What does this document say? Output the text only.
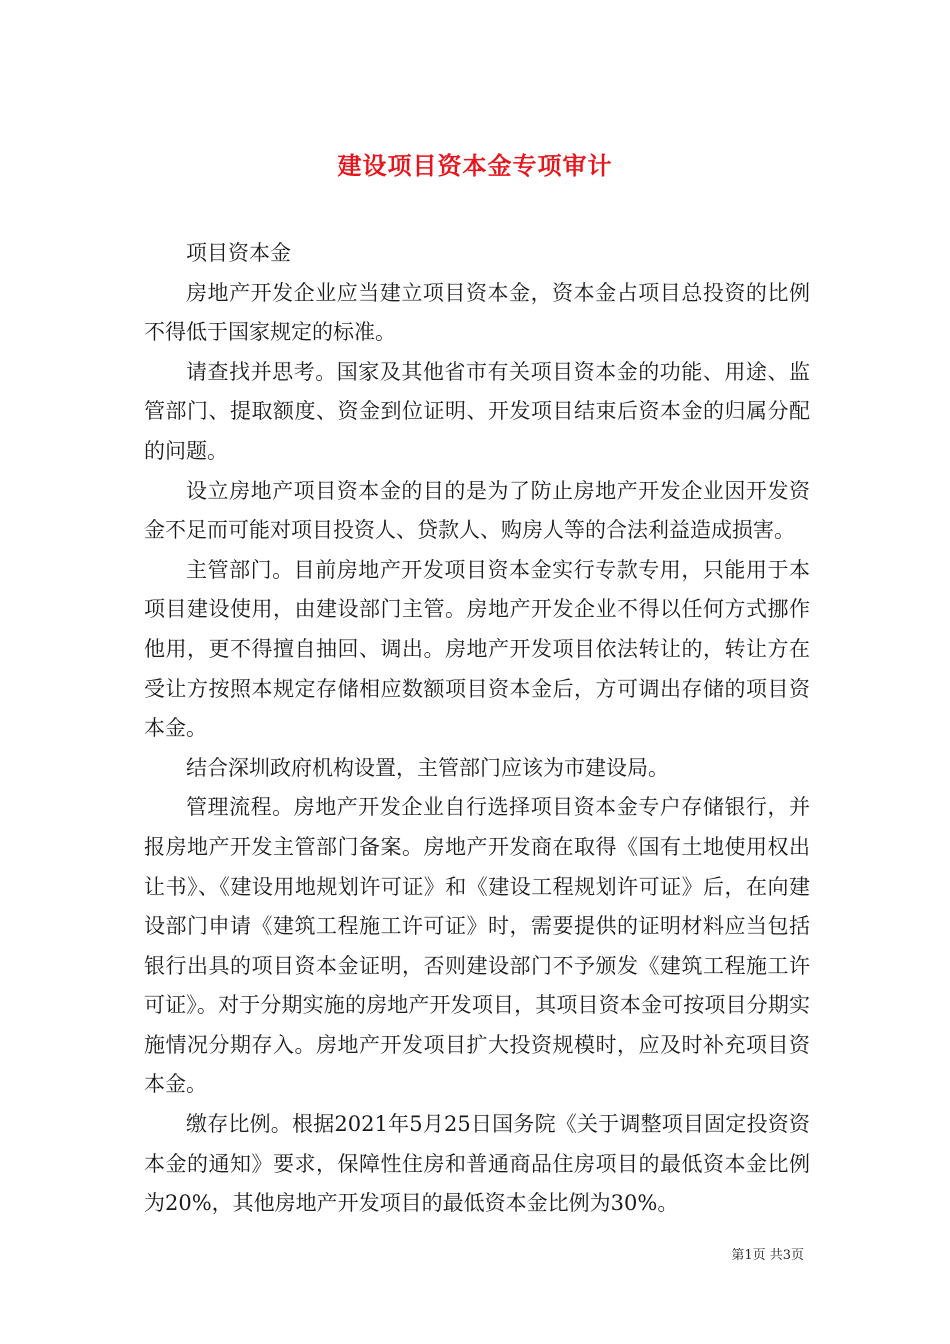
建设项目资本金专项审计

项目资本金

房地产开发企业应当建立项目资本金，资本金占项目总投资的比例不得低于国家规定的标准。

请查找并思考。国家及其他省市有关项目资本金的功能、用途、监管部门、提取额度、资金到位证明、开发项目结束后资本金的归属分配的问题。

设立房地产项目资本金的目的是为了防止房地产开发企业因开发资金不足而可能对项目投资人、贷款人、购房人等的合法利益造成损害。

主管部门。目前房地产开发项目资本金实行专款专用，只能用于本项目建设使用，由建设部门主管。房地产开发企业不得以任何方式挪作他用，更不得擅自抽回、调出。房地产开发项目依法转让的，转让方在受让方按照本规定存储相应数额项目资本金后，方可调出存储的项目资本金。

结合深圳政府机构设置，主管部门应该为市建设局。

管理流程。房地产开发企业自行选择项目资本金专户存储银行，并报房地产开发主管部门备案。房地产开发商在取得《国有土地使用权出让书》、《建设用地规划许可证》和《建设工程规划许可证》后，在向建设部门申请《建筑工程施工许可证》时，需要提供的证明材料应当包括银行出具的项目资本金证明，否则建设部门不予颁发《建筑工程施工许可证》。对于分期实施的房地产开发项目，其项目资本金可按项目分期实施情况分期存入。房地产开发项目扩大投资规模时，应及时补充项目资本金。

缴存比例。根据2021年5月25日国务院《关于调整项目固定投资资本金的通知》要求，保障性住房和普通商品住房项目的最低资本金比例为20%，其他房地产开发项目的最低资本金比例为30%。

第1页 共3页
